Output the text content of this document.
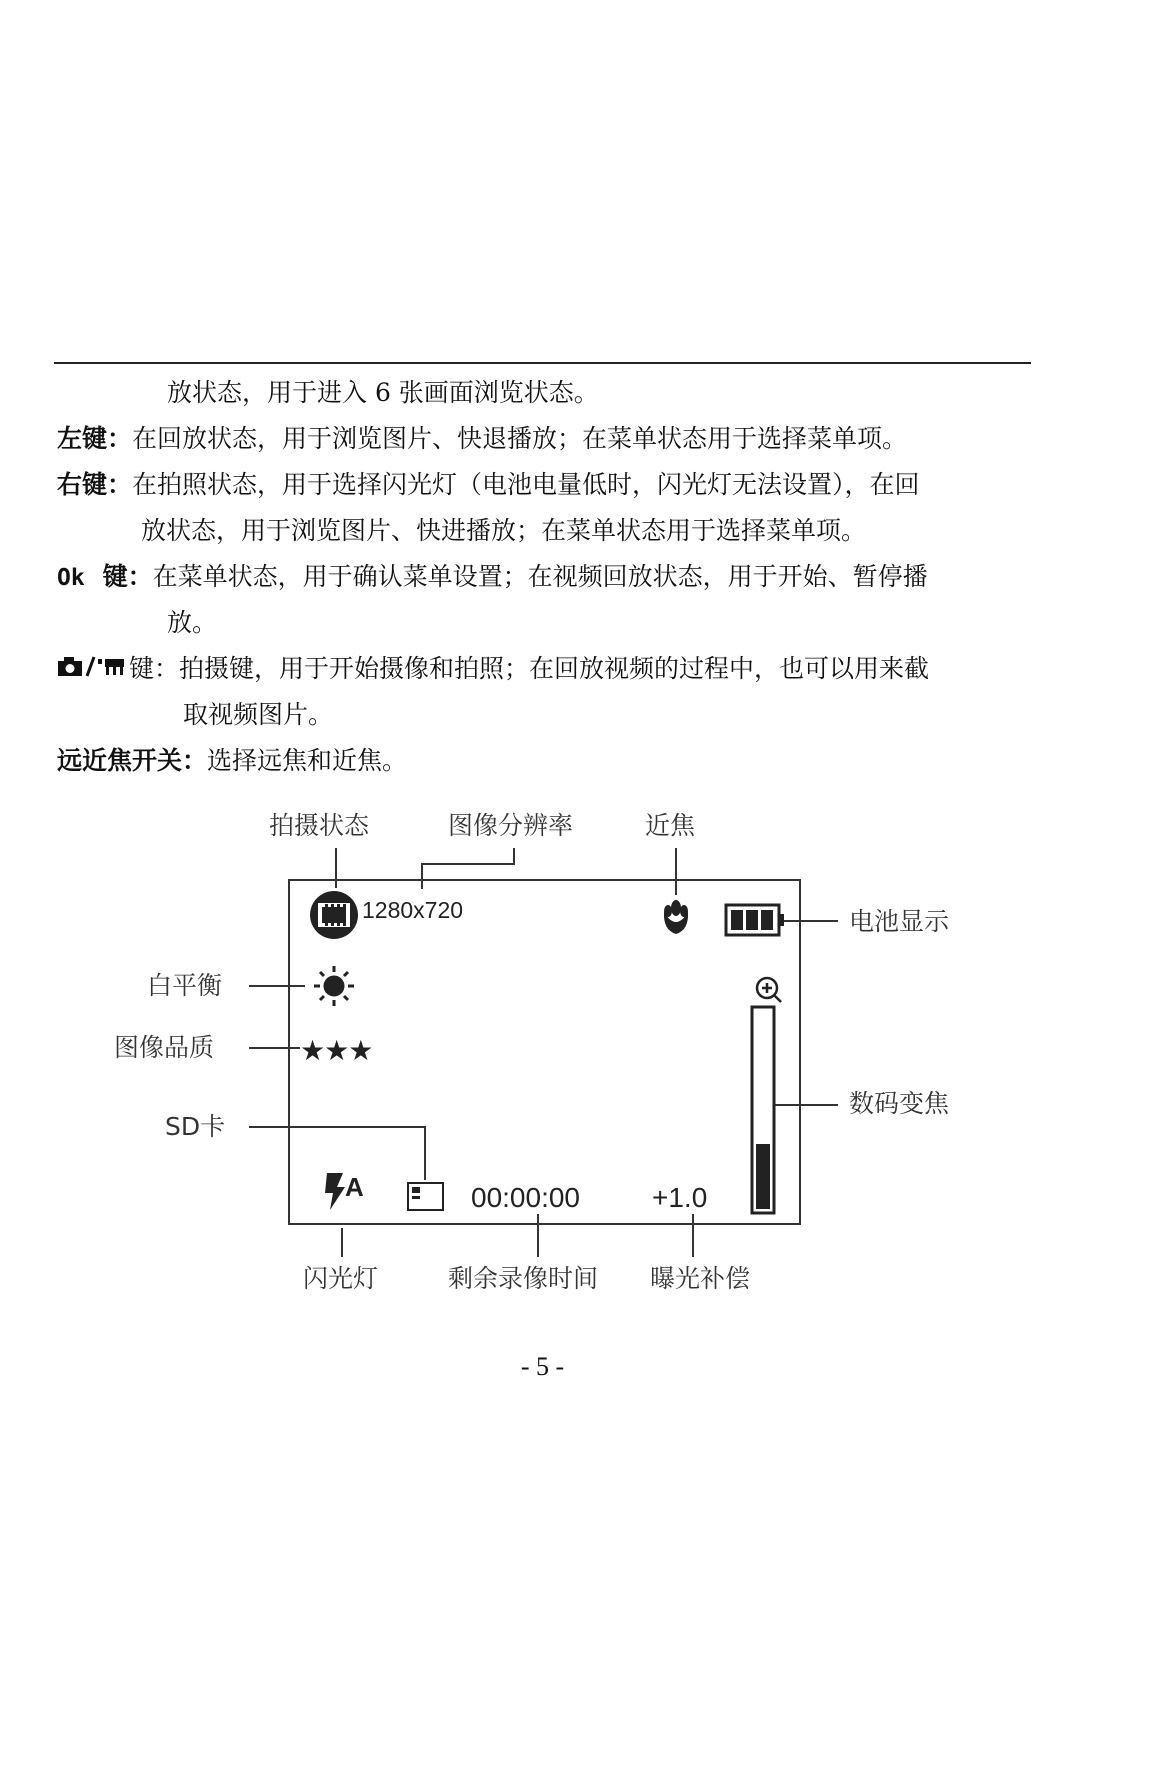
放状态，用于进入 6 张画面浏览状态。
左键：在回放状态，用于浏览图片、快退播放；在菜单状态用于选择菜单项。
右键：在拍照状态，用于选择闪光灯（电池电量低时，闪光灯无法设置），在回
放状态，用于浏览图片、快进播放；在菜单状态用于选择菜单项。
Ok 键：在菜单状态，用于确认菜单设置；在视频回放状态，用于开始、暂停播
放。
键：拍摄键，用于开始摄像和拍照；在回放视频的过程中，也可以用来截
取视频图片。
远近焦开关：选择远焦和近焦。
拍摄状态	图像分辨率	近焦
电池显示
白平衡
图像品质
SD卡
数码变焦
闪光灯	剩余录像时间 曝光补偿
1280x720
★★★
A	00:00:00	+1.0
- 5 -
